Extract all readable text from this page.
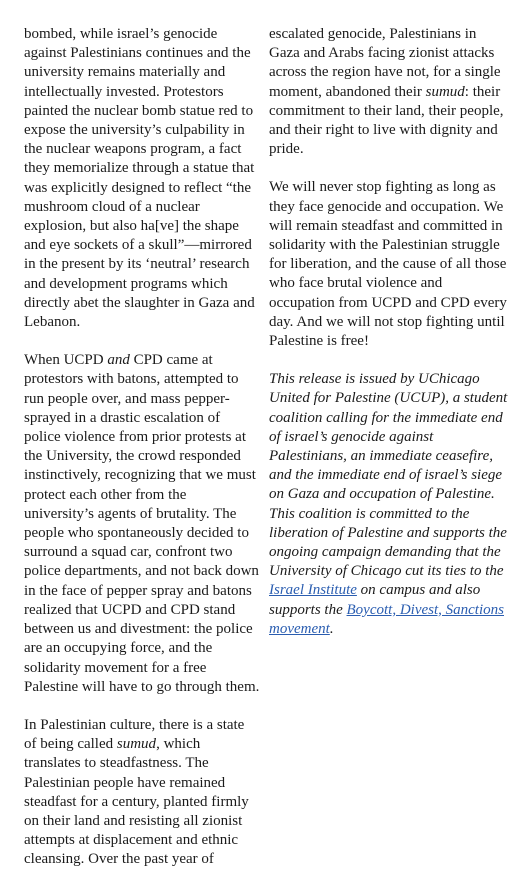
bombed, while israel’s genocide against Palestinians continues and the university remains materially and intellectually invested. Protestors painted the nuclear bomb statue red to expose the university’s culpability in the nuclear weapons program, a fact they memorialize through a statue that was explicitly designed to reflect “the mushroom cloud of a nuclear explosion, but also ha[ve] the shape and eye sockets of a skull”—mirrored in the present by its ‘neutral’ research and development programs which directly abet the slaughter in Gaza and Lebanon.

When UCPD and CPD came at protestors with batons, attempted to run people over, and mass pepper-sprayed in a drastic escalation of police violence from prior protests at the University, the crowd responded instinctively, recognizing that we must protect each other from the university’s agents of brutality. The people who spontaneously decided to surround a squad car, confront two police departments, and not back down in the face of pepper spray and batons realized that UCPD and CPD stand between us and divestment: the police are an occupying force, and the solidarity movement for a free Palestine will have to go through them.

In Palestinian culture, there is a state of being called sumud, which translates to steadfastness. The Palestinian people have remained steadfast for a century, planted firmly on their land and resisting all zionist attempts at displacement and ethnic cleansing. Over the past year of

escalated genocide, Palestinians in Gaza and Arabs facing zionist attacks across the region have not, for a single moment, abandoned their sumud: their commitment to their land, their people, and their right to live with dignity and pride.

We will never stop fighting as long as they face genocide and occupation. We will remain steadfast and committed in solidarity with the Palestinian struggle for liberation, and the cause of all those who face brutal violence and occupation from UCPD and CPD every day. And we will not stop fighting until Palestine is free!

This release is issued by UChicago United for Palestine (UCUP), a student coalition calling for the immediate end of israel’s genocide against Palestinians, an immediate ceasefire, and the immediate end of israel’s siege on Gaza and occupation of Palestine. This coalition is committed to the liberation of Palestine and supports the ongoing campaign demanding that the University of Chicago cut its ties to the Israel Institute on campus and also supports the Boycott, Divest, Sanctions movement.
